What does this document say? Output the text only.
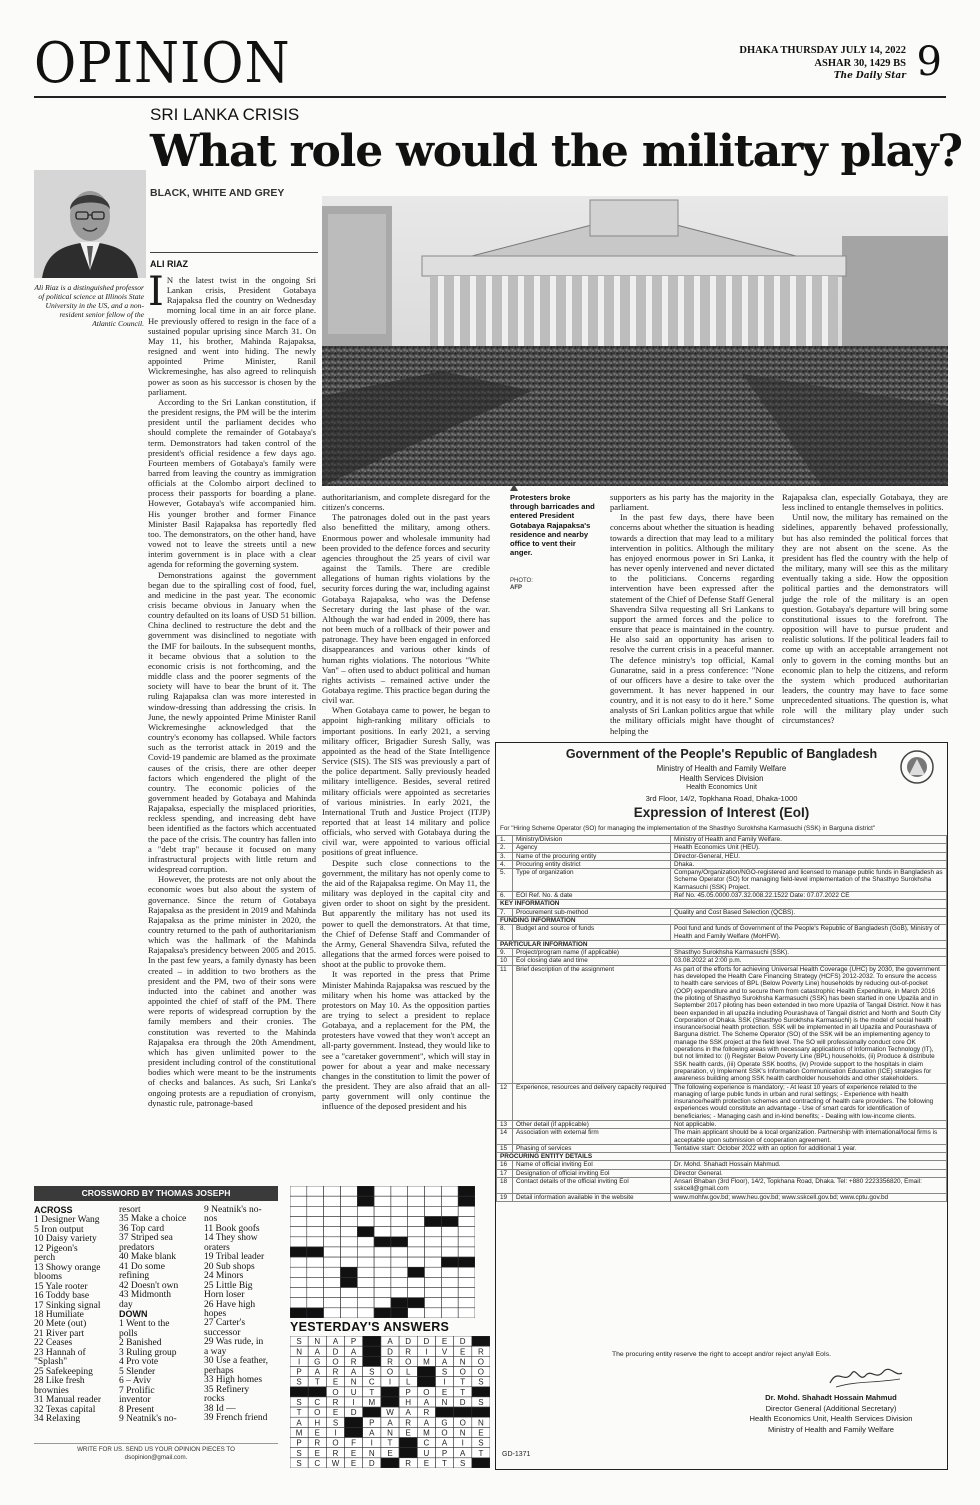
OPINION	DHAKA THURSDAY JULY 14, 2022
ASHAR 30, 1429 BS
The Daily Star 9
SRI LANKA CRISIS
What role would the military play?
BLACK, WHITE AND GREY
ALI RIAZ
Ali Riaz is a distinguished professor of political science at Illinois State University in the US, and a non-resident senior fellow of the Atlantic Council.
Protesters broke through barricades and entered President Gotabaya Rajapaksa's residence and nearby office to vent their anger.
PHOTO:
AFP

I N the latest twist in the ongoing Sri Lankan crisis, President Gotabaya Rajapaksa fled the country on Wednesday morning local time in an air force plane. He previously offered to resign in the face of a sustained popular uprising since March 31. On May 11, his brother, Mahinda Rajapaksa, resigned and went into hiding. The newly appointed Prime Minister, Ranil Wickremesinghe, has also agreed to relinquish power as soon as his successor is chosen by the parliament.

According to the Sri Lankan constitution, if the president resigns, the PM will be the interim president until the parliament decides who should complete the remainder of Gotabaya's term. Demonstrators had taken control of the president's official residence a few days ago. Fourteen members of Gotabaya's family were barred from leaving the country as immigration officials at the Colombo airport declined to process their passports for boarding a plane. However, Gotabaya's wife accompanied him. His younger brother and former Finance Minister Basil Rajapaksa has reportedly fled too. The demonstrators, on the other hand, have vowed not to leave the streets until a new interim government is in place with a clear agenda for reforming the governing system.

Demonstrations against the government began due to the spiralling cost of food, fuel, and medicine in the past year. The economic crisis became obvious in January when the country defaulted on its loans of USD 51 billion. China declined to restructure the debt and the government was disinclined to negotiate with the IMF for bailouts. In the subsequent months, it became obvious that a solution to the economic crisis is not forthcoming, and the middle class and the poorer segments of the society will have to bear the brunt of it. The ruling Rajapaksa clan was more interested in window-dressing than addressing the crisis. In June, the newly appointed Prime Minister Ranil Wickremesinghe acknowledged that the country's economy has collapsed. While factors such as the terrorist attack in 2019 and the Covid-19 pandemic are blamed as the proximate causes of the crisis, there are other deeper factors which engendered the plight of the country. The economic policies of the government headed by Gotabaya and Mahinda Rajapaksa, especially the misplaced priorities, reckless spending, and increasing debt have been identified as the factors which accentuated the pace of the crisis. The country has fallen into a "debt trap" because it focused on many infrastructural projects with little return and widespread corruption.

However, the protests are not only about the economic woes but also about the system of governance. Since the return of Gotabaya Rajapaksa as the president in 2019 and Mahinda Rajapaksa as the prime minister in 2020, the country returned to the path of authoritarianism which was the hallmark of the Mahinda Rajapaksa's presidency between 2005 and 2015. In the past few years, a family dynasty has been created – in addition to two brothers as the president and the PM, two of their sons were inducted into the cabinet and another was appointed the chief of staff of the PM. There were reports of widespread corruption by the family members and their cronies. The constitution was reverted to the Mahinda Rajapaksa era through the 20th Amendment, which has given unlimited power to the president including control of the constitutional bodies which were meant to be the instruments of checks and balances. As such, Sri Lanka's ongoing protests are a repudiation of cronyism, dynastic rule, patronage-based

authoritarianism, and complete disregard for the citizen's concerns.

The patronages doled out in the past years also benefitted the military, among others. Enormous power and wholesale immunity had been provided to the defence forces and security agencies throughout the 25 years of civil war against the Tamils. There are credible allegations of human rights violations by the security forces during the war, including against Gotabaya Rajapaksa, who was the Defense Secretary during the last phase of the war. Although the war had ended in 2009, there has not been much of a rollback of their power and patronage. They have been engaged in enforced disappearances and various other kinds of human rights violations. The notorious "White Van" – often used to abduct political and human rights activists – remained active under the Gotabaya regime. This practice began during the civil war.

When Gotabaya came to power, he began to appoint high-ranking military officials to important positions. In early 2021, a serving military officer, Brigadier Suresh Sally, was appointed as the head of the State Intelligence Service (SIS). The SIS was previously a part of the police department. Sally previously headed military intelligence. Besides, several retired military officials were appointed as secretaries of various ministries. In early 2021, the International Truth and Justice Project (ITJP) reported that at least 14 military and police officials, who served with Gotabaya during the civil war, were appointed to various official positions of great influence.

Despite such close connections to the government, the military has not openly come to the aid of the Rajapaksa regime. On May 11, the military was deployed in the capital city and given order to shoot on sight by the president. But apparently the military has not used its power to quell the demonstrators. At that time, the Chief of Defense Staff and Commander of the Army, General Shavendra Silva, refuted the allegations that the armed forces were poised to shoot at the public to provoke them.

It was reported in the press that Prime Minister Mahinda Rajapaksa was rescued by the military when his home was attacked by the protestors on May 10. As the opposition parties are trying to select a president to replace Gotabaya, and a replacement for the PM, the protesters have vowed that they won't accept an all-party government. Instead, they would like to see a "caretaker government", which will stay in power for about a year and make necessary changes in the constitution to limit the power of the president. They are also afraid that an all-party government will only continue the influence of the deposed president and his

supporters as his party has the majority in the parliament.

In the past few days, there have been concerns about whether the situation is heading towards a direction that may lead to a military intervention in politics. Although the military has enjoyed enormous power in Sri Lanka, it has never openly intervened and never dictated to the politicians. Concerns regarding intervention have been expressed after the statement of the Chief of Defense Staff General Shavendra Silva requesting all Sri Lankans to support the armed forces and the police to ensure that peace is maintained in the country. He also said an opportunity has arisen to resolve the current crisis in a peaceful manner. The defence ministry's top official, Kamal Gunaratne, said in a press conference: "None of our officers have a desire to take over the government. It has never happened in our country, and it is not easy to do it here." Some analysts of Sri Lankan politics argue that while the military officials might have thought of helping the

Rajapaksa clan, especially Gotabaya, they are less inclined to entangle themselves in politics.

Until now, the military has remained on the sidelines, apparently behaved professionally, but has also reminded the political forces that they are not absent on the scene. As the president has fled the country with the help of the military, many will see this as the military eventually taking a side. How the opposition political parties and the demonstrators will judge the role of the military is an open question. Gotabaya's departure will bring some constitutional issues to the forefront. The opposition will have to pursue prudent and realistic solutions. If the political leaders fail to come up with an acceptable arrangement not only to govern in the coming months but an economic plan to help the citizens, and reform the system which produced authoritarian leaders, the country may have to face some unprecedented situations. The question is, what role will the military play under such circumstances?

Government of the People's Republic of Bangladesh
Ministry of Health and Family Welfare
Health Services Division
Health Economics Unit
3rd Floor, 14/2, Topkhana Road, Dhaka-1000
Expression of Interest (EoI)
For "Hiring Scheme Operator (SO) for managing the implementation of the Shasthyo Surokhsha Karmasuchi (SSK) in Barguna district"
1.	Ministry/Division	Ministry of Health and Family Welfare.
2.	Agency	Health Economics Unit (HEU).
3.	Name of the procuring entity	Director-General, HEU.
4.	Procuring entity district	Dhaka.
5.	Type of organization	Company/Organization/NGO-registered and licensed to manage public funds in Bangladesh as Scheme Operator (SO) for managing field-level implementation of the Shasthyo Surokhsha Karmasuchi (SSK) Project.
6.	EOI Ref. No. & date	Ref No. 45.05.0000.037.32.008.22.1522 Date: 07.07.2022 CE
KEY INFORMATION		
7.	Procurement sub-method	Quality and Cost Based Selection (QCBS).
FUNDING INFORMATION		
8.	Budget and source of funds	Pool fund and funds of Government of the People's Republic of Bangladesh (GoB), Ministry of Health and Family Welfare (MoHFW).
PARTICULAR INFORMATION		
9.	Project/program name (if applicable)	Shasthyo Surokhsha Karmasuchi (SSK).
10	EoI closing date and time	03.08.2022 at 2:00 p.m.
11	Brief description of the assignment	As part of the efforts for achieving Universal Health Coverage (UHC) by 2030, the government has developed the Health Care Financing Strategy (HCFS) 2012-2032. To ensure the access to health care services of BPL (Below Poverty Line) households by reducing out-of-pocket (OOP) expenditure and to secure them from catastrophic Health Expenditure, in March 2016 the piloting of Shasthyo Surokhsha Karmasuchi (SSK) has been started in one Upazila and in September 2017 piloting has been extended in two more Upazila of Tangail District. Now it has been expanded in all upazila including Pourashava of Tangail district and North and South City Corporation of Dhaka. SSK (Shasthyo Surokhsha Karmasuchi) is the model of social health insurance/social health protection. SSK will be implemented in all Upazila and Pourashava of Barguna district. The Scheme Operator (SO) of the SSK will be an implementing agency to manage the SSK project at the field level. The SO will professionally conduct core OK operations in the following areas with necessary applications of Information Technology (IT), but not limited to: (i) Register Below Poverty Line (BPL) households, (ii) Produce & distribute SSK health cards, (iii) Operate SSK booths, (iv) Provide support to the hospitals in claim preparation, v) Implement SSK's Information Communication Education (ICE) strategies for awareness building among SSK health cardholder households and other stakeholders.
12	Experience, resources and delivery capacity required	The following experience is mandatory; - At least 10 years of experience related to the managing of large public funds in urban and rural settings; - Experience with health insurance/health protection schemes and contracting of health care providers. The following experiences would constitute an advantage - Use of smart cards for identification of beneficiaries; - Managing cash and in-kind benefits; - Dealing with low-income clients.
13	Other detail (if applicable)	Not applicable.
14	Association with external firm	The main applicant should be a local organization. Partnership with international/local firms is acceptable upon submission of cooperation agreement.
15	Phasing of services	Tentative start: October 2022 with an option for additional 1 year.
PROCURING ENTITY DETAILS		
16	Name of official inviting EoI	Dr. Mohd. Shahadt Hossain Mahmud.
17	Designation of official inviting EoI	Director General.
18	Contact details of the official inviting EoI	Ansari Bhaban (3rd Floor), 14/2, Topkhana Road, Dhaka. Tel: +880 2223356820, Email: sskcell@gmail.com
19	Detail information available in the website	www.mohfw.gov.bd; www.heu.gov.bd; www.sskcell.gov.bd; www.cptu.gov.bd
The procuring entity reserve the right to accept and/or reject any/all EoIs.
Dr. Mohd. Shahadt Hossain Mahmud
Director General (Additional Secretary)
Health Economics Unit, Health Services Division
Ministry of Health and Family Welfare
GD-1371
CROSSWORD BY THOMAS JOSEPH
ACROSS
1 Designer Wang
5 Iron output
10 Daisy variety
12 Pigeon's
perch
13 Showy orange
blooms
15 Yale rooter
16 Toddy base
17 Sinking signal
18 Humiliate
20 Mete (out)
21 River part
22 Ceases
23 Hannah of
"Splash"
25 Safekeeping
28 Like fresh
brownies
31 Manual reader
32 Texas capital
34 Relaxing
resort
35 Make a choice
36 Top card
37 Striped sea
predators
40 Make blank
41 Do some
refining
42 Doesn't own
43 Midmonth
day
DOWN
1 Went to the
polls
2 Banished
3 Ruling group
4 Pro vote
5 Slender
6 – Aviv
7 Prolific
inventor
8 Present
9 Neatnik's no-
9 Neatnik's no-
nos
11 Book goofs
14 They show
oraters
19 Tribal leader
20 Sub shops
24 Minors
25 Little Big
Horn loser
26 Have high
hopes
27 Carter's
successor
29 Was rude, in
a way
30 Use a feather,
perhaps
33 High homes
35 Refinery
rocks
38 Id —
39 French friend
YESTERDAY'S ANSWERS
S N A P	A D D E D
N A D A	D R I V E R
I G O R	R O M A N O
P A R A S O L	S O O
S T E N C I L	I T S
O U T	P O E T
S C R I M	H A N D S
T O E D	W A R
A H S	P A R A G O N
M E I	A N E M O N E
P R O F I T	C A I S
S E R E N E	U P A T
S C W E D	R E T S
WRITE FOR US. SEND US YOUR OPINION PIECES TO
dsopinion@gmail.com.
